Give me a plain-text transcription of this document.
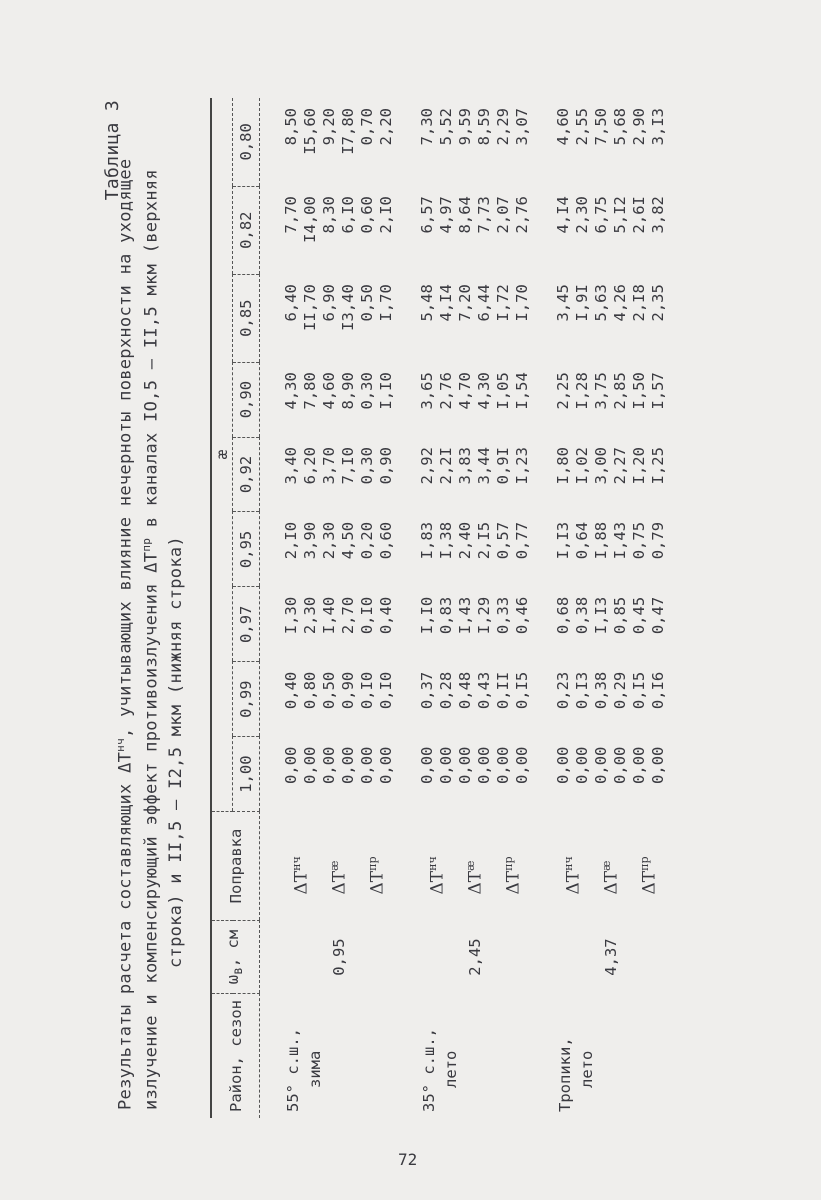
Таблица 3
Результаты расчета составляющих $\Delta T^{нч}$, учитывающих влияние нечерноты поверхности на уходящее
излучение и компенсирующий эффект противоизлучения $\Delta T^{пр}$ в каналах IO,5 – II,5 мкм (верхняя
строка) и II,5 – I2,5 мкм (нижняя строка)
Район, сезон	$\omega_в$, см	Поправка	æ								
			1,00	0,99	0,97	0,95	0,92	0,90	0,85	0,82	0,80

55° с.ш., зима	0,95	$\Delta T^{нч}$	0,00	0,40	I,30	2,I0	3,40	4,30	6,40	7,70	8,50
			0,00	0,80	2,30	3,90	6,20	7,80	II,70	I4,00	I5,60
		$\Delta T^æ$	0,00	0,50	I,40	2,30	3,70	4,60	6,90	8,30	9,20
			0,00	0,90	2,70	4,50	7,I0	8,90	I3,40	6,I0	I7,80
		$\Delta T^{пр}$	0,00	0,I0	0,I0	0,20	0,30	0,30	0,50	0,60	0,70
			0,00	0,I0	0,40	0,60	0,90	I,I0	I,70	2,I0	2,20

35° с.ш., лето	2,45	$\Delta T^{нч}$	0,00	0,37	I,I0	I,83	2,92	3,65	5,48	6,57	7,30
			0,00	0,28	0,83	I,38	2,2I	2,76	4,I4	4,97	5,52
		$\Delta T^æ$	0,00	0,48	I,43	2,40	3,83	4,70	7,20	8,64	9,59
			0,00	0,43	I,29	2,I5	3,44	4,30	6,44	7,73	8,59
		$\Delta T^{пр}$	0,00	0,II	0,33	0,57	0,9I	I,05	I,72	2,07	2,29
			0,00	0,I5	0,46	0,77	I,23	I,54	I,70	2,76	3,07

Тропики, лето	4,37	$\Delta T^{нч}$	0,00	0,23	0,68	I,I3	I,80	2,25	3,45	4,I4	4,60
			0,00	0,I3	0,38	0,64	I,02	I,28	I,9I	2,30	2,55
		$\Delta T^æ$	0,00	0,38	I,I3	I,88	3,00	3,75	5,63	6,75	7,50
			0,00	0,29	0,85	I,43	2,27	2,85	4,26	5,I2	5,68
		$\Delta T^{пр}$	0,00	0,I5	0,45	0,75	I,20	I,50	2,I8	2,6I	2,90
			0,00	0,I6	0,47	0,79	I,25	I,57	2,35	3,82	3,I3
72
